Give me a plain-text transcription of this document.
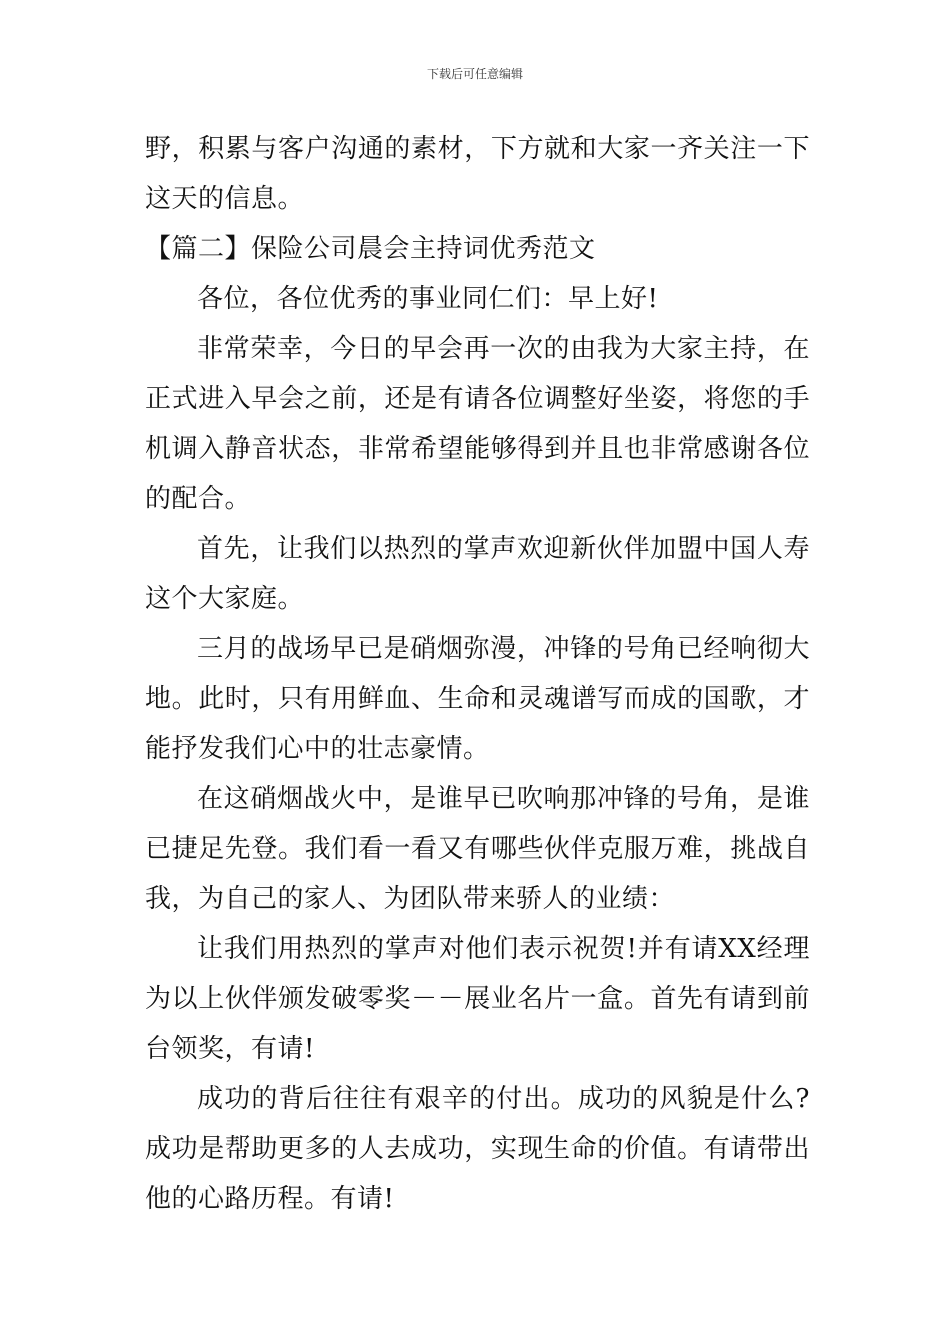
下载后可任意编辑

野，积累与客户沟通的素材，下方就和大家一齐关注一下这天的信息。

【篇二】保险公司晨会主持词优秀范文

各位，各位优秀的事业同仁们：早上好!

非常荣幸，今日的早会再一次的由我为大家主持，在正式进入早会之前，还是有请各位调整好坐姿，将您的手机调入静音状态，非常希望能够得到并且也非常感谢各位的配合。

首先，让我们以热烈的掌声欢迎新伙伴加盟中国人寿这个大家庭。

三月的战场早已是硝烟弥漫，冲锋的号角已经响彻大地。此时，只有用鲜血、生命和灵魂谱写而成的国歌，才能抒发我们心中的壮志豪情。

在这硝烟战火中，是谁早已吹响那冲锋的号角，是谁已捷足先登。我们看一看又有哪些伙伴克服万难，挑战自我，为自己的家人、为团队带来骄人的业绩：

让我们用热烈的掌声对他们表示祝贺!并有请XX经理为以上伙伴颁发破零奖－－展业名片一盒。首先有请到前台领奖，有请!

成功的背后往往有艰辛的付出。成功的风貌是什么?成功是帮助更多的人去成功，实现生命的价值。有请带出他的心路历程。有请!
